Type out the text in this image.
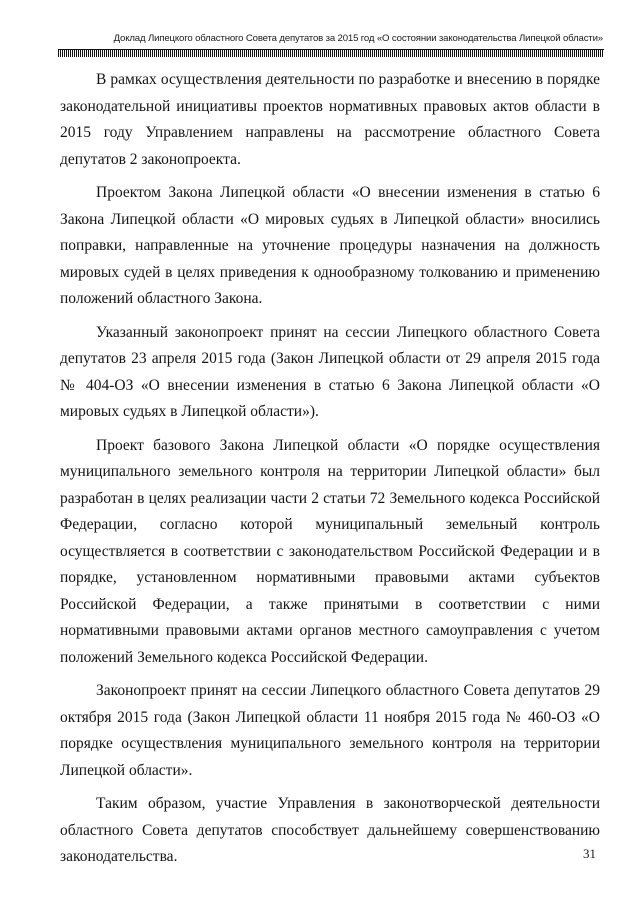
Доклад Липецкого областного Совета депутатов за 2015 год «О состоянии законодательства Липецкой области»

В рамках осуществления деятельности по разработке и внесению в порядке законодательной инициативы проектов нормативных правовых актов области в 2015 году Управлением направлены на рассмотрение областного Совета депутатов 2 законопроекта.

Проектом Закона Липецкой области «О внесении изменения в статью 6 Закона Липецкой области «О мировых судьях в Липецкой области» вносились поправки, направленные на уточнение процедуры назначения на должность мировых судей в целях приведения к однообразному толкованию и применению положений областного Закона.

Указанный законопроект принят на сессии Липецкого областного Совета депутатов 23 апреля 2015 года (Закон Липецкой области от 29 апреля 2015 года № 404-ОЗ «О внесении изменения в статью 6 Закона Липецкой области «О мировых судьях в Липецкой области»).

Проект базового Закона Липецкой области «О порядке осуществления муниципального земельного контроля на территории Липецкой области» был разработан в целях реализации части 2 статьи 72 Земельного кодекса Российской Федерации, согласно которой муниципальный земельный контроль осуществляется в соответствии с законодательством Российской Федерации и в порядке, установленном нормативными правовыми актами субъектов Российской Федерации, а также принятыми в соответствии с ними нормативными правовыми актами органов местного самоуправления с учетом положений Земельного кодекса Российской Федерации.

Законопроект принят на сессии Липецкого областного Совета депутатов 29 октября 2015 года (Закон Липецкой области 11 ноября 2015 года № 460-ОЗ «О порядке осуществления муниципального земельного контроля на территории Липецкой области».

Таким образом, участие Управления в законотворческой деятельности областного Совета депутатов способствует дальнейшему совершенствованию законодательства.	31
